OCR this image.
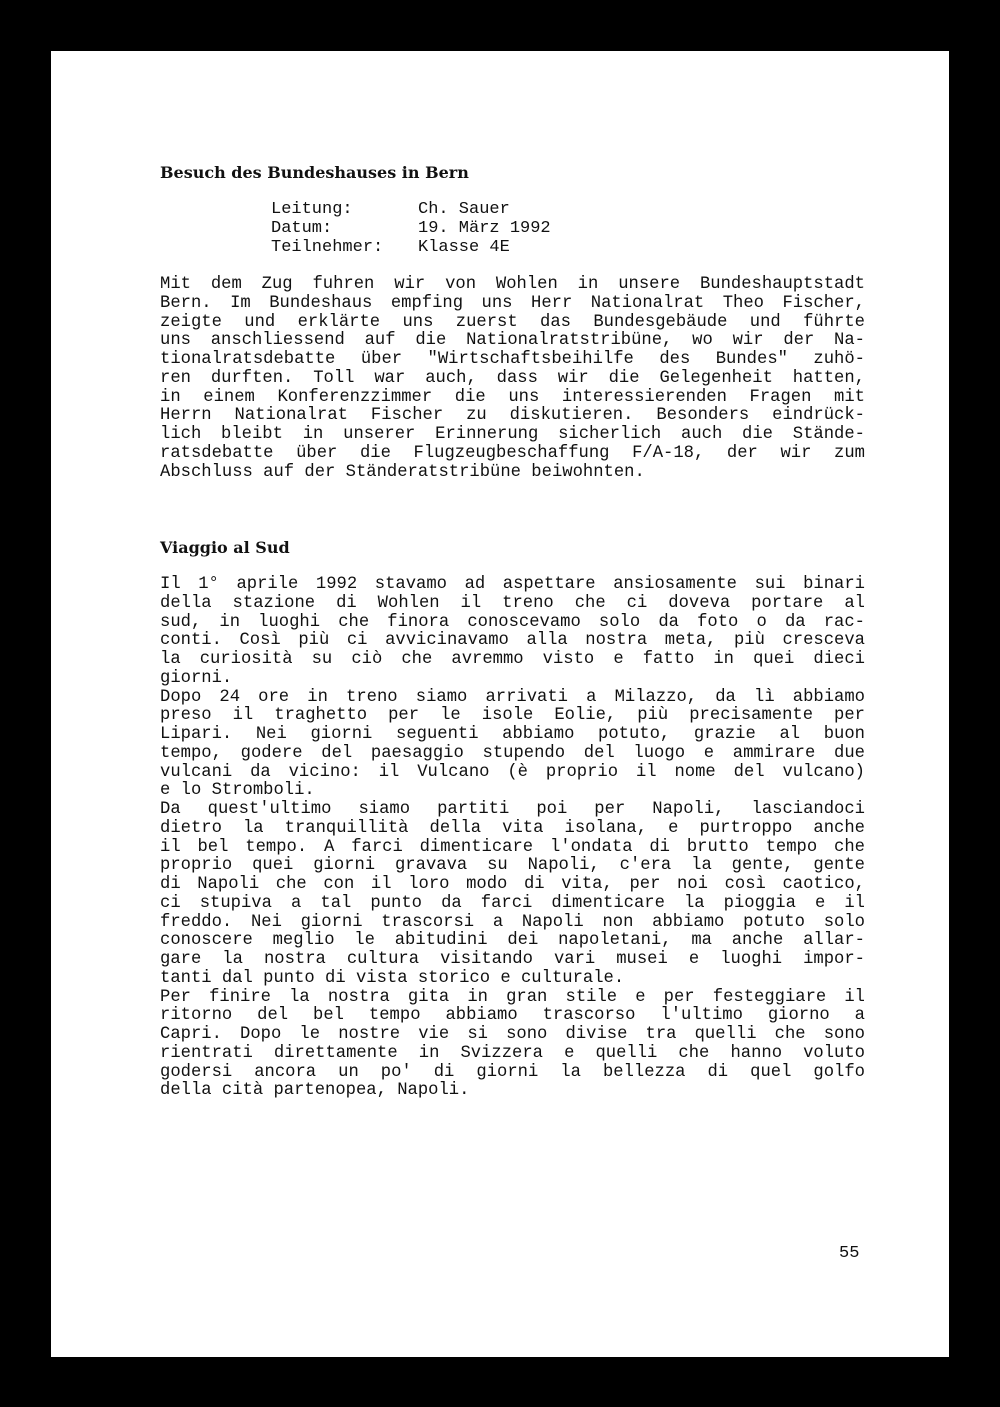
Besuch des Bundeshauses in Bern
Leitung:	Ch. Sauer
Datum:	19. März 1992
Teilnehmer:	Klasse 4E
Mit dem Zug fuhren wir von Wohlen in unsere Bundeshauptstadt
Bern. Im Bundeshaus empfing uns Herr Nationalrat Theo Fischer,
zeigte und erklärte uns zuerst das Bundesgebäude und führte
uns anschliessend auf die Nationalratstribüne, wo wir der Na-
tionalratsdebatte über "Wirtschaftsbeihilfe des Bundes" zuhö-
ren durften. Toll war auch, dass wir die Gelegenheit hatten,
in einem Konferenzzimmer die uns interessierenden Fragen mit
Herrn Nationalrat Fischer zu diskutieren. Besonders eindrück-
lich bleibt in unserer Erinnerung sicherlich auch die Stände-
ratsdebatte über die Flugzeugbeschaffung F/A-18, der wir zum
Abschluss auf der Ständeratstribüne beiwohnten.
Viaggio al Sud
Il 1° aprile 1992 stavamo ad aspettare ansiosamente sui binari
della stazione di Wohlen il treno che ci doveva portare al
sud, in luoghi che finora conoscevamo solo da foto o da rac-
conti. Così più ci avvicinavamo alla nostra meta, più cresceva
la curiosità su ciò che avremmo visto e fatto in quei dieci
giorni.
Dopo 24 ore in treno siamo arrivati a Milazzo, da lì abbiamo
preso il traghetto per le isole Eolie, più precisamente per
Lipari. Nei giorni seguenti abbiamo potuto, grazie al buon
tempo, godere del paesaggio stupendo del luogo e ammirare due
vulcani da vicino: il Vulcano (è proprio il nome del vulcano)
e lo Stromboli.
Da quest'ultimo siamo partiti poi per Napoli, lasciandoci
dietro la tranquillità della vita isolana, e purtroppo anche
il bel tempo. A farci dimenticare l'ondata di brutto tempo che
proprio quei giorni gravava su Napoli, c'era la gente, gente
di Napoli che con il loro modo di vita, per noi così caotico,
ci stupiva a tal punto da farci dimenticare la pioggia e il
freddo. Nei giorni trascorsi a Napoli non abbiamo potuto solo
conoscere meglio le abitudini dei napoletani, ma anche allar-
gare la nostra cultura visitando vari musei e luoghi impor-
tanti dal punto di vista storico e culturale.
Per finire la nostra gita in gran stile e per festeggiare il
ritorno del bel tempo abbiamo trascorso l'ultimo giorno a
Capri. Dopo le nostre vie si sono divise tra quelli che sono
rientrati direttamente in Svizzera e quelli che hanno voluto
godersi ancora un po' di giorni la bellezza di quel golfo
della cità partenopea, Napoli.
55
